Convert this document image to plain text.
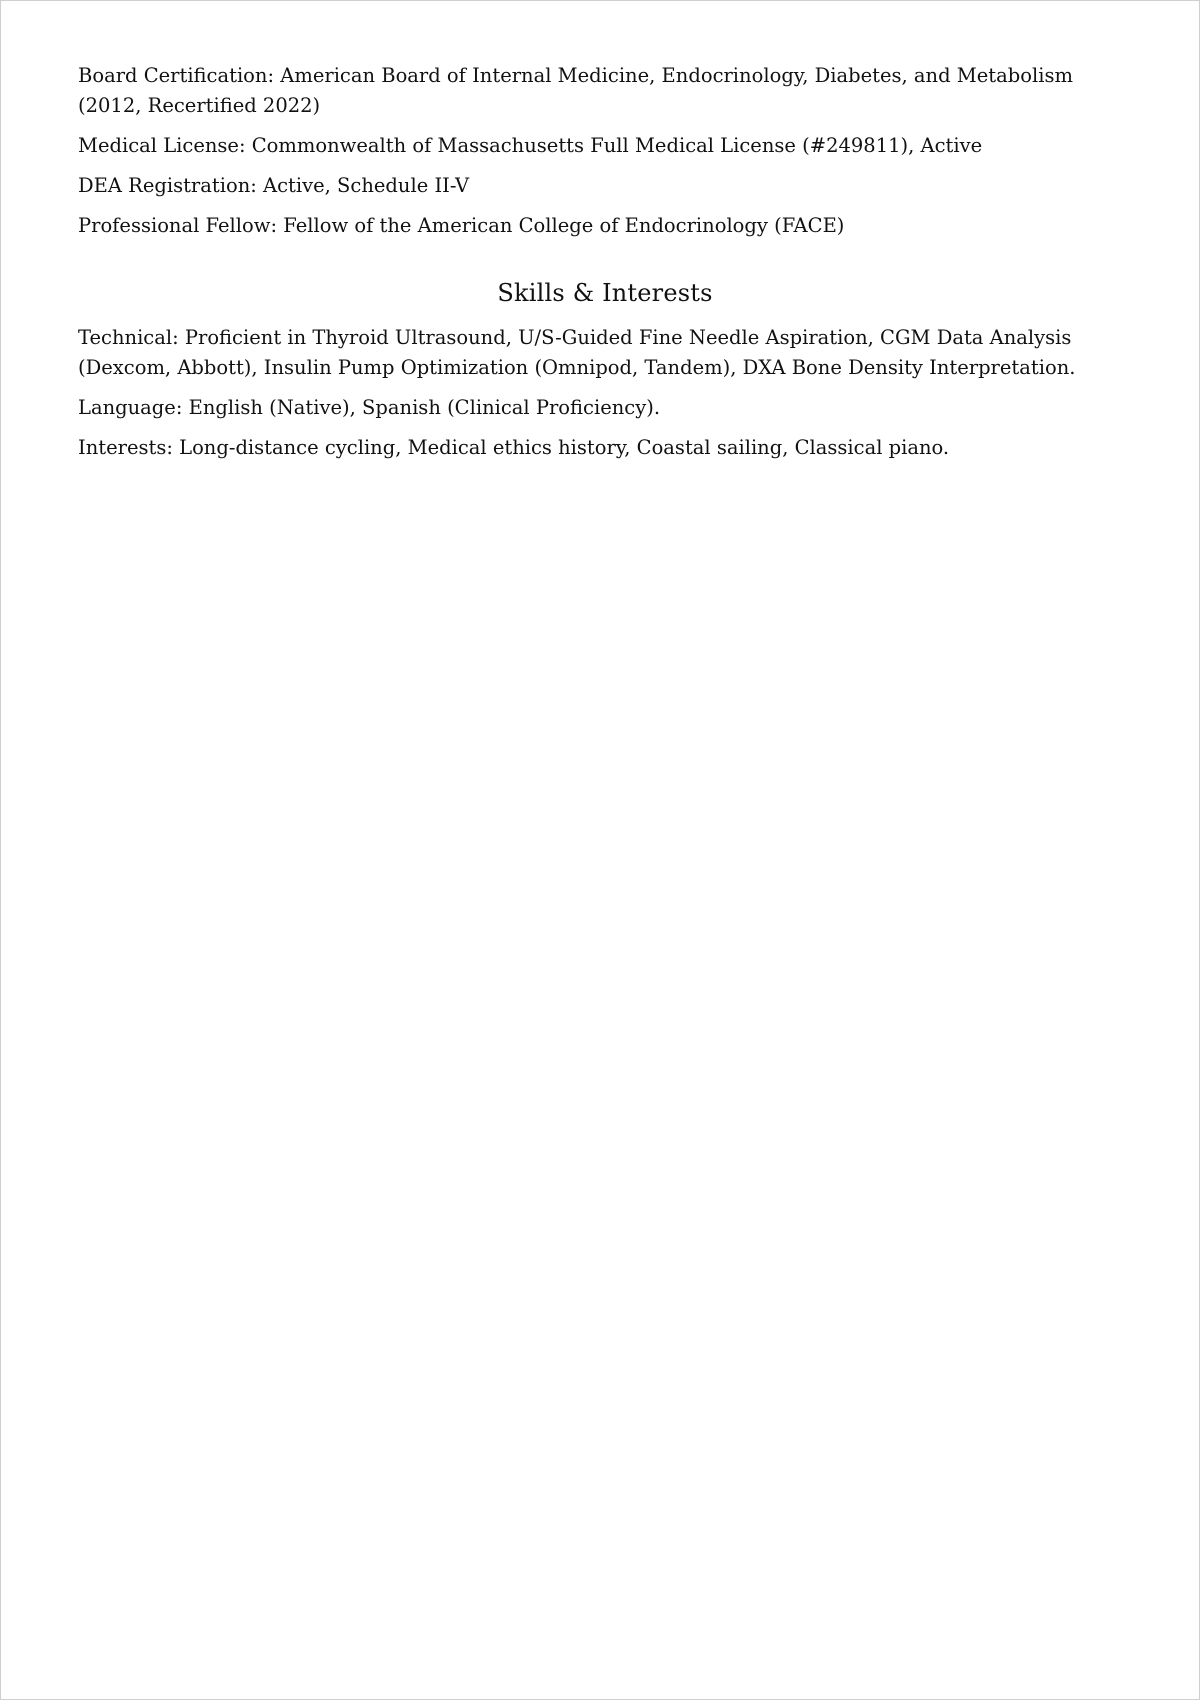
Board Certification: American Board of Internal Medicine, Endocrinology, Diabetes, and Metabolism (2012, Recertified 2022)
Medical License: Commonwealth of Massachusetts Full Medical License (#249811), Active
DEA Registration: Active, Schedule II-V
Professional Fellow: Fellow of the American College of Endocrinology (FACE)
Skills & Interests
Technical: Proficient in Thyroid Ultrasound, U/S-Guided Fine Needle Aspiration, CGM Data Analysis (Dexcom, Abbott), Insulin Pump Optimization (Omnipod, Tandem), DXA Bone Density Interpretation.
Language: English (Native), Spanish (Clinical Proficiency).
Interests: Long-distance cycling, Medical ethics history, Coastal sailing, Classical piano.
